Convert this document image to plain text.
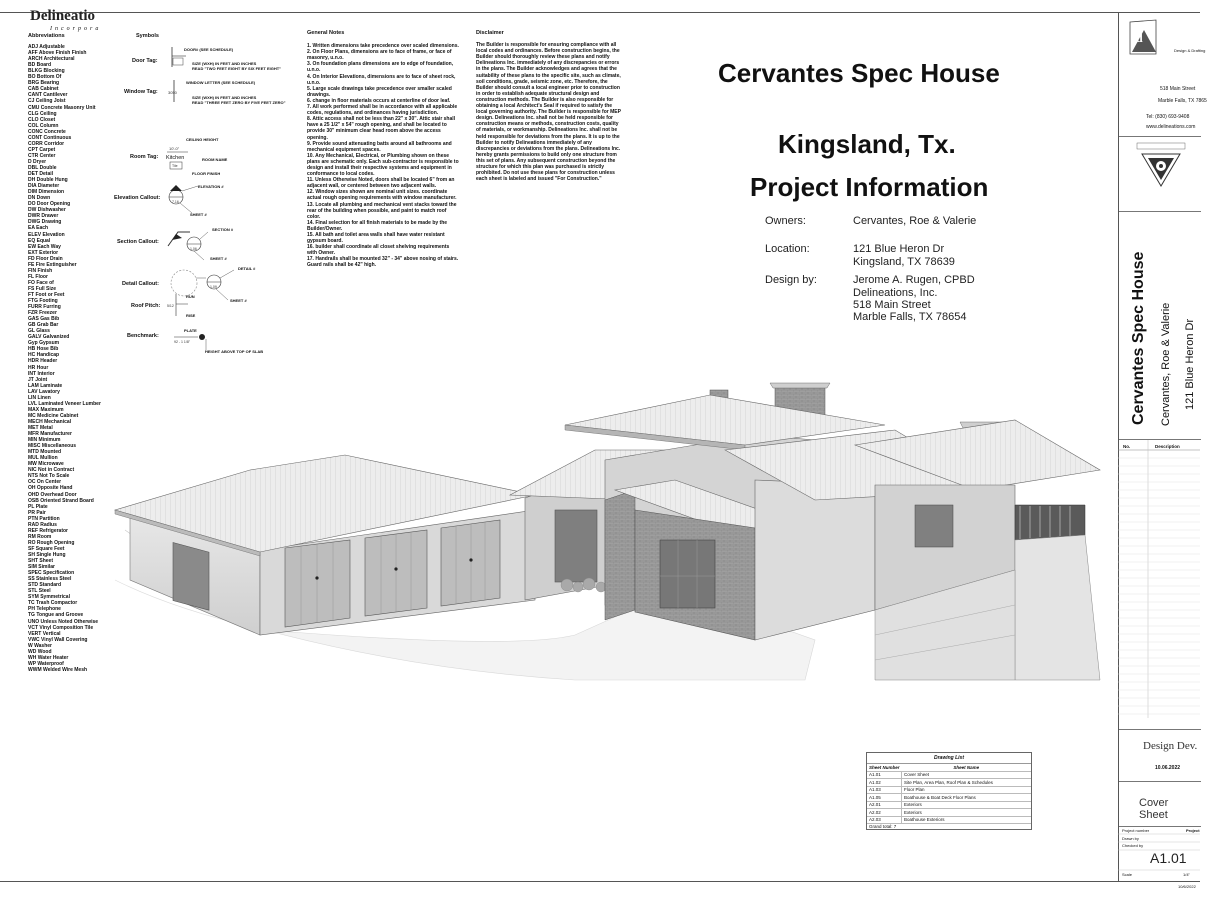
Abbreviations
ADJ Adjustable
AFF Above Finish Finish
ARCH Architectural
BD Board
BLKG Blocking
BO Bottom Of
BRG Bearing
CAB Cabinet
CANT Cantilever
CJ Ceiling Joist
CMU Concrete Masonry Unit
CLG Ceiling
CLO Closet
COL Column
CONC Concrete
CONT Continuous
CORR Corridor
CPT Carpet
CTR Center
D Dryer
DBL Double
DET Detail
DH Double Hung
DIA Diameter
DIM Dimension
DN Down
DO Door Opening
DW Dishwasher
DWR Drawer
DWG Drawing
EA Each
ELEV Elevation
EQ Equal
EW Each Way
EXT Exterior
FD Floor Drain
FE Fire Extinguisher
FIN Finish
FL Floor
FO Face of
FS Full Size
FT Foot or Feet
FTG Footing
FURR Furring
FZR Freezer
GAS Gas Bib
GB Grab Bar
GL Glass
GALV Galvanized
Gyp Gypsum
HB Hose Bib
HC Handicap
HDR Header
HR Hour
INT Interior
JT Joint
LAM Laminate
LAV Lavatory
LIN Linen
LVL Laminated Veneer Lumber
MAX Maximum
MC Medicine Cabinet
MECH Mechanical
MET Metal
MFR Manufacturer
MIN Minimum
MISC Miscellaneous
MTD Mounted
MUL Mullion
MW Microwave
NIC Not in Contract
NTS Not To Scale
OC On Center
OH Opposite Hand
OHD Overhead Door
OSB Oriented Strand Board
PL Plate
PR Pair
PTN Partition
RAD Radius
REF Refrigerator
RM Room
RO Rough Opening
SF Square Feet
SH Single Hung
SHT Sheet
SIM Similar
SPEC Specification
SS Stainless Steel
STD Standard
STL Steel
SYM Symmetrical
TC Trash Compactor
PH Telephone
TG Tongue and Groove
UNO Unless Noted Otherwise
VCT Vinyl Composition Tile
VERT Vertical
VWC Vinyl Wall Covering
W Washer
WD Wood
WH Water Heater
WP Waterproof
WWM Welded Wire Mesh
Symbols
Door Tag:
DOOR# (SEE SCHEDULE)
SIZE (WXH) IN FEET AND INCHES
READ "TWO FEET EIGHT BY SIX FEET EIGHT"
Window Tag:	3050
WINDOW LETTER (SEE SCHEDULE)
SIZE (WXH) IN FEET AND INCHES
READ "THREE FEET ZERO BY FIVE FEET ZERO"
Room Tag:
CEILING HEIGHT
10'-0"
Tile
Kitchen	ROOM NAME
FLOOR FINISH
Elevation Callout:
7.16
ELEVATION #
SHEET #
Section Callout:
1.06
SECTION #
SHEET #
Detail Callout:	1.09
DETAIL #
SHEET #
Roof Pitch: 5/12
RUN
RISE
Benchmark:
92 - 1 1/8"
PLATE
HEIGHT ABOVE TOP OF SLAB
General Notes

1. Written dimensions take precedence over scaled dimensions.

2. On Floor Plans, dimensions are to face of frame, or face of masonry, u.n.o.

3. On foundation plans dimensions are to edge of foundation, u.n.o.

4. On Interior Elevations, dimensions are to face of sheet rock, u.n.o.

5. Large scale drawings take precedence over smaller scaled drawings.

6. change in floor materials occurs at centerline of door leaf.

7. All work performed shall be in accordance with all applicable codes, regulations, and ordinances having jurisdiction.

8. Attic access shall not be less than 22" x 30". Attic stair shall have a 25 1/2" x 54" rough opening, and shall be located to provide 30" minimum clear head room above the access opening.

9. Provide sound attenuating batts around all bathrooms and mechanical equipment spaces.

10. Any Mechanical, Electrical, or Plumbing shown on these plans are schematic only. Each sub-contractor is responsible to design and install their respective systems and equipment in conformance to local codes.

11. Unless Otherwise Noted, doors shall be located 6" from an adjacent wall, or centered between two adjacent walls.

12. Window sizes shown are nominal unit sizes. coordinate actual rough opening requirements with window manufacturer.

13. Locate all plumbing and mechanical vent stacks toward the rear of the building when possible, and paint to match roof color.

14. Final selection for all finish materials to be made by the Builder/Owner.

15. All bath and toilet area walls shall have water resistant gypsum board.

16. builder shall coordinate all closet shelving requirements with Owner.

17. Handrails shall be mounted 32" - 34" above nosing of stairs. Guard rails shall be 42" high.

Disclaimer

The Builder is responsible for ensuring compliance with all local codes and ordinances. Before construction begins, the Builder should thoroughly review these plans and notify Delineations Inc. immediately of any discrepancies or errors in the plans. The Builder acknowledges and agrees that the suitability of these plans to the specific site, such as climate, soil conditions, grade, seismic zone, etc. Therefore, the Builder should consult a local engineer prior to construction in order to establish adequate structural design and construction methods. The Builder is also responsible for obtaining a local Architect's Seal if required to satisfy the local governing authority. The Builder is responsible for MEP design. Delineations Inc. shall not be held responsible for construction means or methods, construction costs, quality of materials, or workmanship. Delineations Inc. shall not be held responsible for deviations from the plans. It is up to the Builder to notify Delineations immediately of any discrepancies or deviations from the plans. Delineations Inc. hereby grants permissions to build only one structure from this set of plans. Any subsequent construction beyond the structure for which this plan was purchased is strictly prohibited. Do not use these plans for construction unless each sheet is labeled and issued "For Construction."

Cervantes Spec House
Kingsland, Tx.
Project Information
Owners:	Cervantes, Roe & Valerie
Location:	121 Blue Heron Dr
Kingsland, TX 78639
Design by:	Jerome A. Rugen, CPBD
Delineations, Inc.
518 Main Street
Marble Falls, TX 78654
Drawing List
Sheet Number	Sheet Name
A1.01	Cover Sheet
A1.02	Site Plan, Area Plan, Roof Plan & Schedules
A1.03	Floor Plan
A1.05	Boathouse & Boat Deck Floor Plans
A2.01	Exteriors
A2.02	Exteriors
A2.03	Boathouse Exteriors
Grand total: 7
d
Delineatio
Incorpora
Design & Drafting
518 Main Street
Marble Falls, TX 7865
Tel: (830) 693-9408
www.delineations.com
Cervantes Spec House Cervantes, Roe & Valerie 121 Blue Heron Dr
No.	Description
Design Dev.
10.06.2022
Cover Sheet
Project number	Project
Drawn by
Checked by
A1.01
Scale	1/4"
10/6/2022
